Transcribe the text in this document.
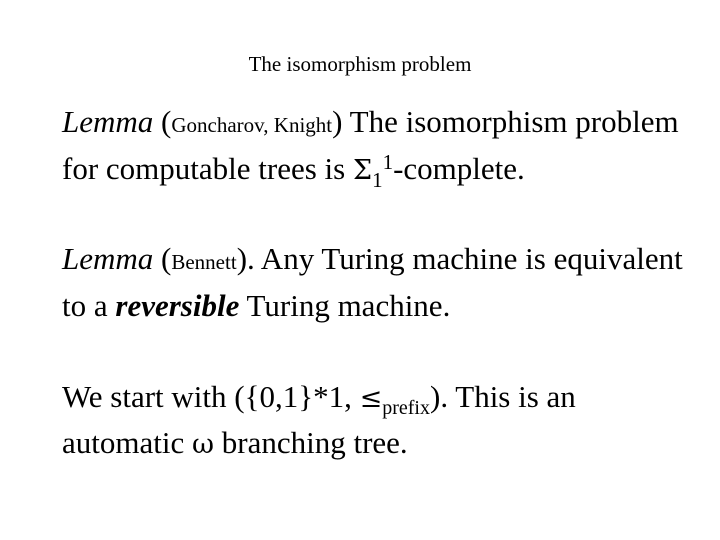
The isomorphism problem

Lemma (Goncharov, Knight) The isomorphism problem for computable trees is $\Sigma_1^1$-complete.

Lemma (Bennett). Any Turing machine is equivalent to a reversible Turing machine.

We start with ({0,1}*1, $\le_{prefix}$). This is an automatic ω branching tree.
